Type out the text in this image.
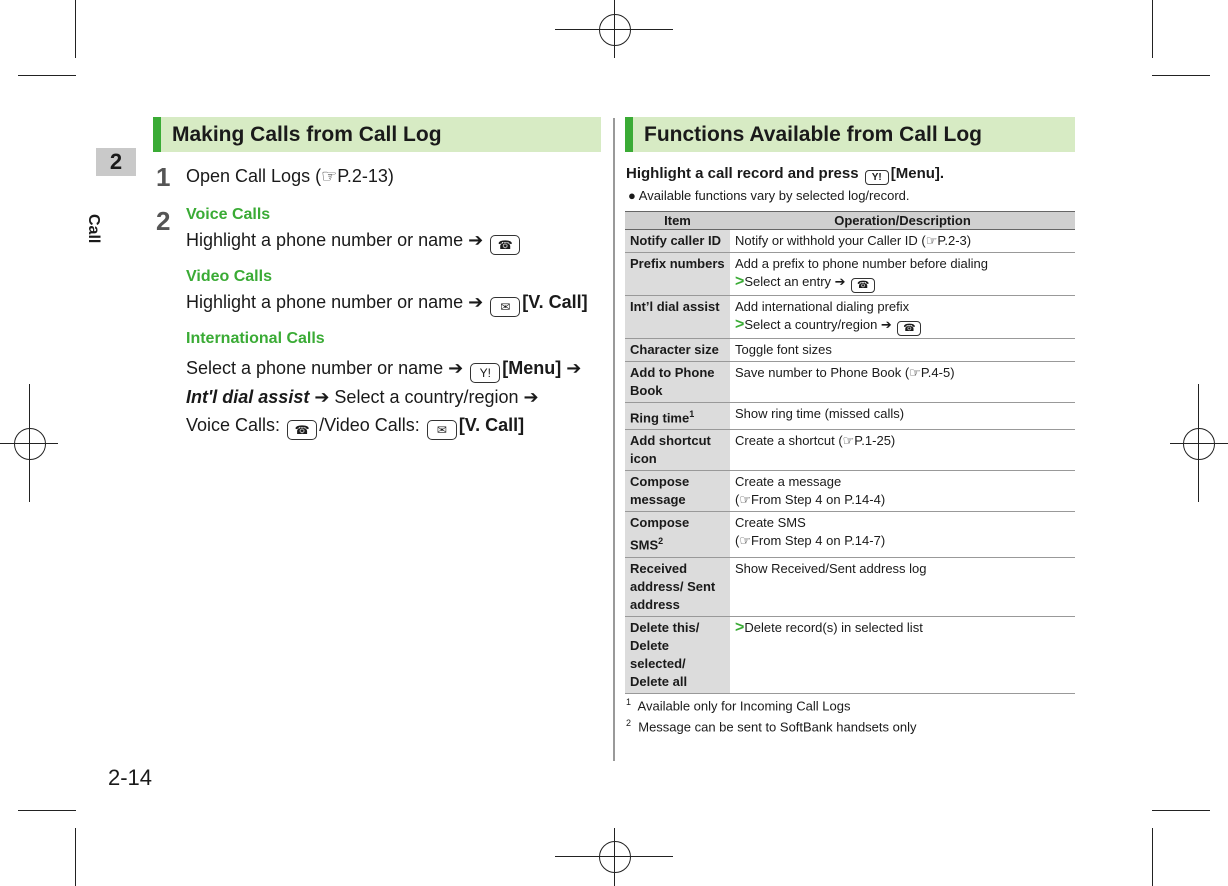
2
Call
2-14
Making Calls from Call Log
1 Open Call Logs (☞P.2-13)
2 Voice Calls
Highlight a phone number or name ➔ ☎
Video Calls
Highlight a phone number or name ➔ ✉ [V. Call]
International Calls
Select a phone number or name ➔ Y! [Menu] ➔
Int'l dial assist ➔ Select a country/region ➔
Voice Calls: ☎ /Video Calls: ✉ [V. Call]
Functions Available from Call Log
Highlight a call record and press Y! [Menu].
● Available functions vary by selected log/record.
Item	Operation/Description
Notify caller ID	Notify or withhold your Caller ID (☞P.2-3)
Prefix numbers	Add a prefix to phone number before dialing
>Select an entry ➔ ☎

Int’l dial assist	Add international dialing prefix
>Select a country/region ➔ ☎

Character size	Toggle font sizes
Add to Phone Book	Save number to Phone Book (☞P.4-5)
Ring time$^1$	Show ring time (missed calls)
Add shortcut icon	Create a shortcut (☞P.1-25)
Compose message	Create a message
(☞From Step 4 on P.14-4)

Compose SMS$^2$	Create SMS
(☞From Step 4 on P.14-7)

Received address/ Sent address	Show Received/Sent address log
Delete this/ Delete selected/ Delete all	>Delete record(s) in selected list
$^1$ Available only for Incoming Call Logs
$^2$ Message can be sent to SoftBank handsets only
